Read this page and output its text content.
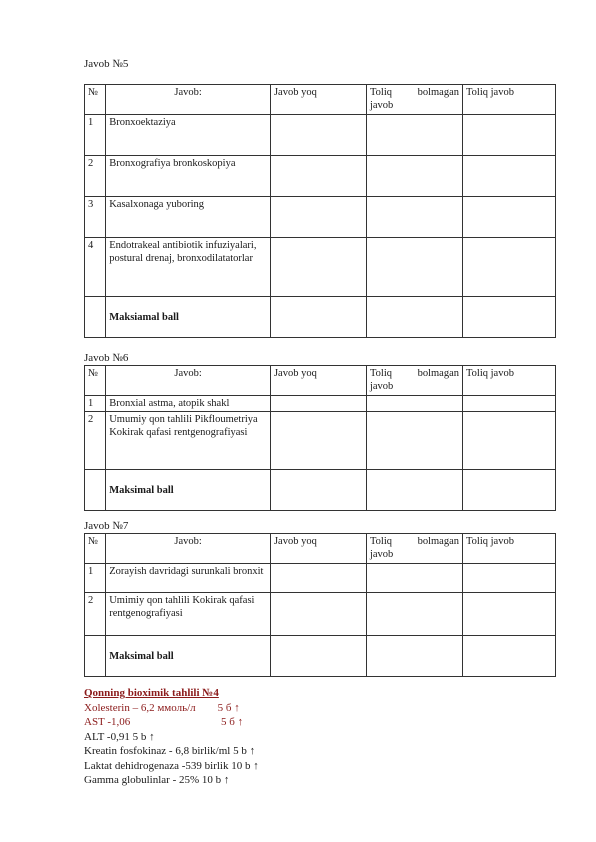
Javob №5
№	Javob:	Javob yoq	Toliq bolmagan javob	Toliq javob
1	Bronxoektaziya			
2	Bronxografiya bronkoskopiya			
3	Kasalxonaga yuboring			
4	Endotrakeal antibiotik infuziyalari, postural drenaj, bronxodilatatorlar			
	Maksiamal ball			
Javob №6
№	Javob:	Javob yoq	Toliq bolmagan javob	Toliq javob
1	Bronxial astma, atopik shakl			
2	Umumiy qon tahlili Pikfloumetriya Kokirak qafasi rentgenografiyasi			
	Maksimal ball			
Javob №7
№	Javob:	Javob yoq	Toliq bolmagan javob	Toliq javob
1	Zorayish davridagi surunkali bronxit			
2	Umimiy qon tahlili Kokirak qafasi rentgenografiyasi			
	Maksimal ball			
Qonning bioximik tahlili №4
Xolesterin – 6,2 ммоль/л        5 б ↑
AST -1,06                                 5 б ↑
ALT -0,91 5 b ↑
Kreatin fosfokinaz - 6,8 birlik/ml 5 b ↑
Laktat dehidrogenaza -539 birlik 10 b ↑
Gamma globulinlar - 25% 10 b ↑
